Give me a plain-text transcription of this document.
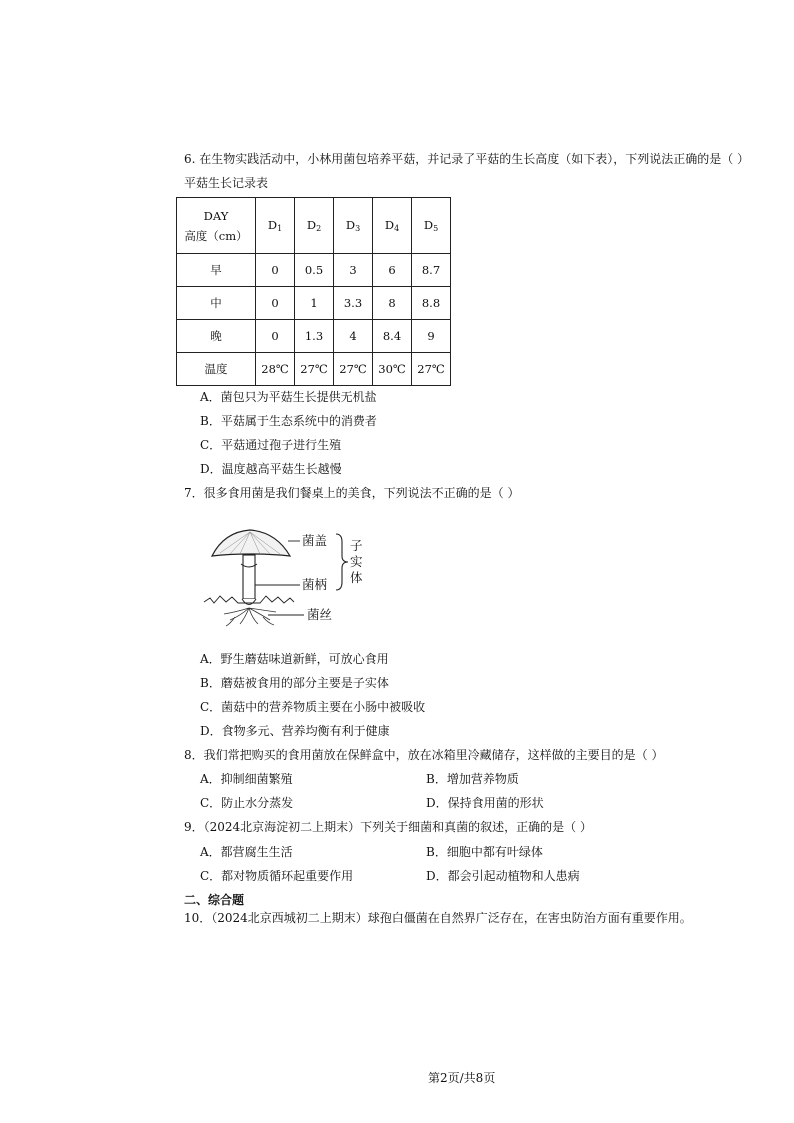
6. 在生物实践活动中，小林用菌包培养平菇，并记录了平菇的生长高度（如下表），下列说法正确的是（ ）
平菇生长记录表
DAY
高度（cm）	$D_1$	$D_2$	$D_3$	$D_4$	$D_5$
早	0	0.5	3	6	8.7
中	0	1	3.3	8	8.8
晚	0	1.3	4	8.4	9
温度	28℃	27℃	27℃	30℃	27℃
A．菌包只为平菇生长提供无机盐
B．平菇属于生态系统中的消费者
C．平菇通过孢子进行生殖
D．温度越高平菇生长越慢
7．很多食用菌是我们餐桌上的美食，下列说法不正确的是（ ）
菌盖
菌柄
菌丝
子
实
体
A．野生蘑菇味道新鲜，可放心食用
B．蘑菇被食用的部分主要是子实体
C．菌菇中的营养物质主要在小肠中被吸收
D．食物多元、营养均衡有利于健康
8．我们常把购买的食用菌放在保鲜盒中，放在冰箱里冷藏储存，这样做的主要目的是（ ）
A．抑制细菌繁殖	B．增加营养物质
C．防止水分蒸发	D．保持食用菌的形状
9．（2024北京海淀初二上期末）下列关于细菌和真菌的叙述，正确的是（ ）
A．都营腐生生活	B．细胞中都有叶绿体
C．都对物质循环起重要作用	D．都会引起动植物和人患病
二、综合题
10．（2024北京西城初二上期末）球孢白僵菌在自然界广泛存在，在害虫防治方面有重要作用。
第2页/共8页
